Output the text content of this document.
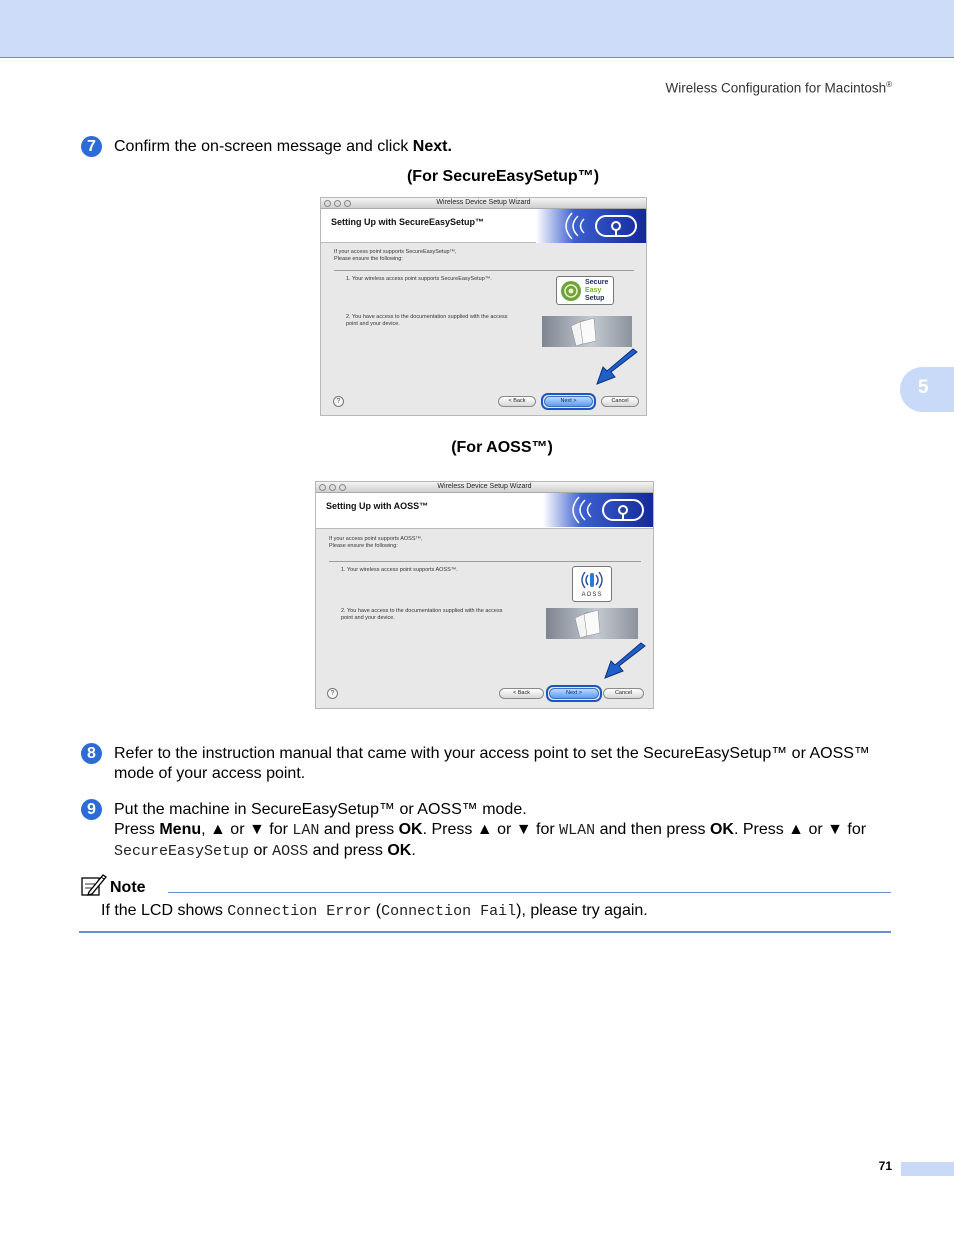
Wireless Configuration for Macintosh®
5
7	Confirm the on-screen message and click Next.
(For SecureEasySetup™)
Wireless Device Setup Wizard
Setting Up with SecureEasySetup™
If your access point supports SecureEasySetup™,
Please ensure the following:
1. Your wireless access point supports SecureEasySetup™.	Secure
Easy
Setup
2. You have access to the documentation supplied with the access
point and your device.
?	< Back	Next >	Cancel
(For AOSS™)
Wireless Device Setup Wizard
Setting Up with AOSS™
If your access point supports AOSS™,
Please ensure the following:
1. Your wireless access point supports AOSS™.
AOSS
2. You have access to the documentation supplied with the access
point and your device.
?	< Back	Next >	Cancel
8	Refer to the instruction manual that came with your access point to set the SecureEasySetup™ or AOSS™ mode of your access point.
9	Put the machine in SecureEasySetup™ or AOSS™ mode.
Press Menu, ▲ or ▼ for LAN and press OK. Press ▲ or ▼ for WLAN and then press OK. Press ▲ or ▼ for
SecureEasySetup or AOSS and press OK.
Note
If the LCD shows Connection Error (Connection Fail), please try again.
71
